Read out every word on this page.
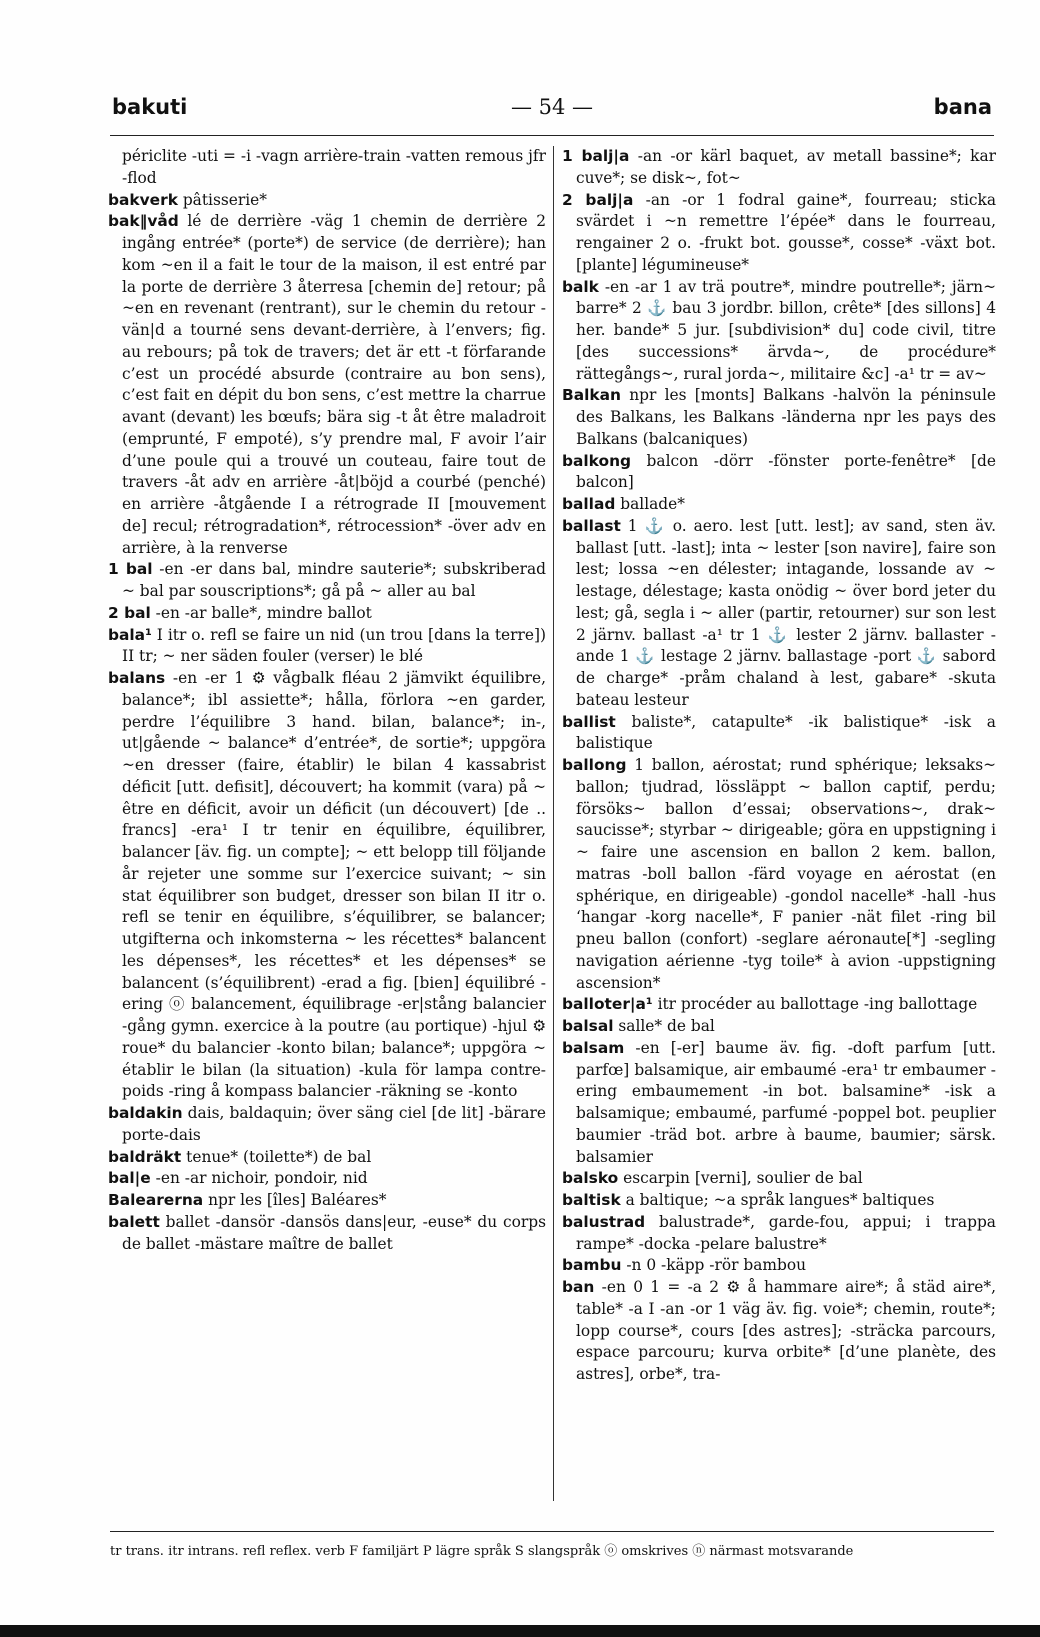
bakuti	— 54 —	bana

périclite -uti = -i -vagn arrière-train -vatten remous jfr -flod

bakverk pâtisserie*

bak‖våd lé de derrière -väg 1 chemin de derrière 2 ingång entrée* (porte*) de service (de derrière); han kom ~en il a fait le tour de la maison, il est entré par la porte de derrière 3 återresa [chemin de] retour; på ~en en revenant (rentrant), sur le chemin du retour -vän|d a tourné sens devant-derrière, à l’envers; fig. au rebours; på tok de travers; det är ett -t förfarande c’est un procédé absurde (contraire au bon sens), c’est fait en dépit du bon sens, c’est mettre la charrue avant (devant) les bœufs; bära sig -t åt être maladroit (emprunté, F empoté), s’y prendre mal, F avoir l’air d’une poule qui a trouvé un couteau, faire tout de travers -åt adv en arrière -åt|böjd a courbé (penché) en arrière -åtgående I a rétrograde II [mouvement de] recul; rétrogradation*, rétrocession* -över adv en arrière, à la renverse

1 bal -en -er dans bal, mindre sauterie*; subskriberad ~ bal par souscriptions*; gå på ~ aller au bal

2 bal -en -ar balle*, mindre ballot

bala¹ I itr o. refl se faire un nid (un trou [dans la terre]) II tr; ~ ner säden fouler (verser) le blé

balans -en -er 1 ⚙ vågbalk fléau 2 jämvikt équilibre, balance*; ibl assiette*; hålla, förlora ~en garder, perdre l’équilibre 3 hand. bilan, balance*; in-, ut|gående ~ balance* d’entrée*, de sortie*; uppgöra ~en dresser (faire, établir) le bilan 4 kassabrist déficit [utt. defisit], découvert; ha kommit (vara) på ~ être en déficit, avoir un déficit (un découvert) [de .. francs] -era¹ I tr tenir en équilibre, équilibrer, balancer [äv. fig. un compte]; ~ ett belopp till följande år rejeter une somme sur l’exercice suivant; ~ sin stat équilibrer son budget, dresser son bilan II itr o. refl se tenir en équilibre, s’équilibrer, se balancer; utgifterna och inkomsterna ~ les récettes* balancent les dépenses*, les récettes* et les dépenses* se balancent (s’équilibrent) -erad a fig. [bien] équilibré -ering ⓞ balancement, équilibrage -er|stång balancier -gång gymn. exercice à la poutre (au portique) -hjul ⚙ roue* du balancier -konto bilan; balance*; uppgöra ~ établir le bilan (la situation) -kula för lampa contre-poids -ring å kompass balancier -räkning se -konto

baldakin dais, baldaquin; över säng ciel [de lit] -bärare porte-dais

baldräkt tenue* (toilette*) de bal

bal|e -en -ar nichoir, pondoir, nid

Balearerna npr les [îles] Baléares*

balett ballet -dansör -dansös dans|eur, -euse* du corps de ballet -mästare maître de ballet

1 balj|a -an -or kärl baquet, av metall bassine*; kar cuve*; se disk~, fot~

2 balj|a -an -or 1 fodral gaine*, fourreau; sticka svärdet i ~n remettre l’épée* dans le fourreau, rengainer 2 o. -frukt bot. gousse*, cosse* -växt bot. [plante] légumineuse*

balk -en -ar 1 av trä poutre*, mindre poutrelle*; järn~ barre* 2 ⚓ bau 3 jordbr. billon, crête* [des sillons] 4 her. bande* 5 jur. [subdivision* du] code civil, titre [des successions* ärvda~, de procédure* rättegångs~, rural jorda~, militaire &c] -a¹ tr = av~

Balkan npr les [monts] Balkans -halvön la péninsule des Balkans, les Balkans -länderna npr les pays des Balkans (balcaniques)

balkong balcon -dörr -fönster porte-fenêtre* [de balcon]

ballad ballade*

ballast 1 ⚓ o. aero. lest [utt. lest]; av sand, sten äv. ballast [utt. -last]; inta ~ lester [son navire], faire son lest; lossa ~en délester; intagande, lossande av ~ lestage, délestage; kasta onödig ~ över bord jeter du lest; gå, segla i ~ aller (partir, retourner) sur son lest 2 järnv. ballast -a¹ tr 1 ⚓ lester 2 järnv. ballaster -ande 1 ⚓ lestage 2 järnv. ballastage -port ⚓ sabord de charge* -pråm chaland à lest, gabare* -skuta bateau lesteur

ballist baliste*, catapulte* -ik balistique* -isk a balistique

ballong 1 ballon, aérostat; rund sphérique; leksaks~ ballon; tjudrad, lössläppt ~ ballon captif, perdu; försöks~ ballon d’essai; observations~, drak~ saucisse*; styrbar ~ dirigeable; göra en uppstigning i ~ faire une ascension en ballon 2 kem. ballon, matras -boll ballon -färd voyage en aérostat (en sphérique, en dirigeable) -gondol nacelle* -hall -hus ‘hangar -korg nacelle*, F panier -nät filet -ring bil pneu ballon (confort) -seglare aéronaute[*] -segling navigation aérienne -tyg toile* à avion -uppstigning ascension*

balloter|a¹ itr procéder au ballottage -ing ballottage

balsal salle* de bal

balsam -en [-er] baume äv. fig. -doft parfum [utt. parfœ] balsamique, air embaumé -era¹ tr embaumer -ering embaumement -in bot. balsamine* -isk a balsamique; embaumé, parfumé -poppel bot. peuplier baumier -träd bot. arbre à baume, baumier; särsk. balsamier

balsko escarpin [verni], soulier de bal

baltisk a baltique; ~a språk langues* baltiques

balustrad balustrade*, garde-fou, appui; i trappa rampe* -docka -pelare balustre*

bambu -n 0 -käpp -rör bambou

ban -en 0 1 = -a 2 ⚙ å hammare aire*; å städ aire*, table* -a I -an -or 1 väg äv. fig. voie*; chemin, route*; lopp course*, cours [des astres]; -sträcka parcours, espace parcouru; kurva orbite* [d’une planète, des astres], orbe*, tra-

tr trans. itr intrans. refl reflex. verb F familjärt P lägre språk S slangspråk ⓞ omskrives ⓝ närmast motsvarande
